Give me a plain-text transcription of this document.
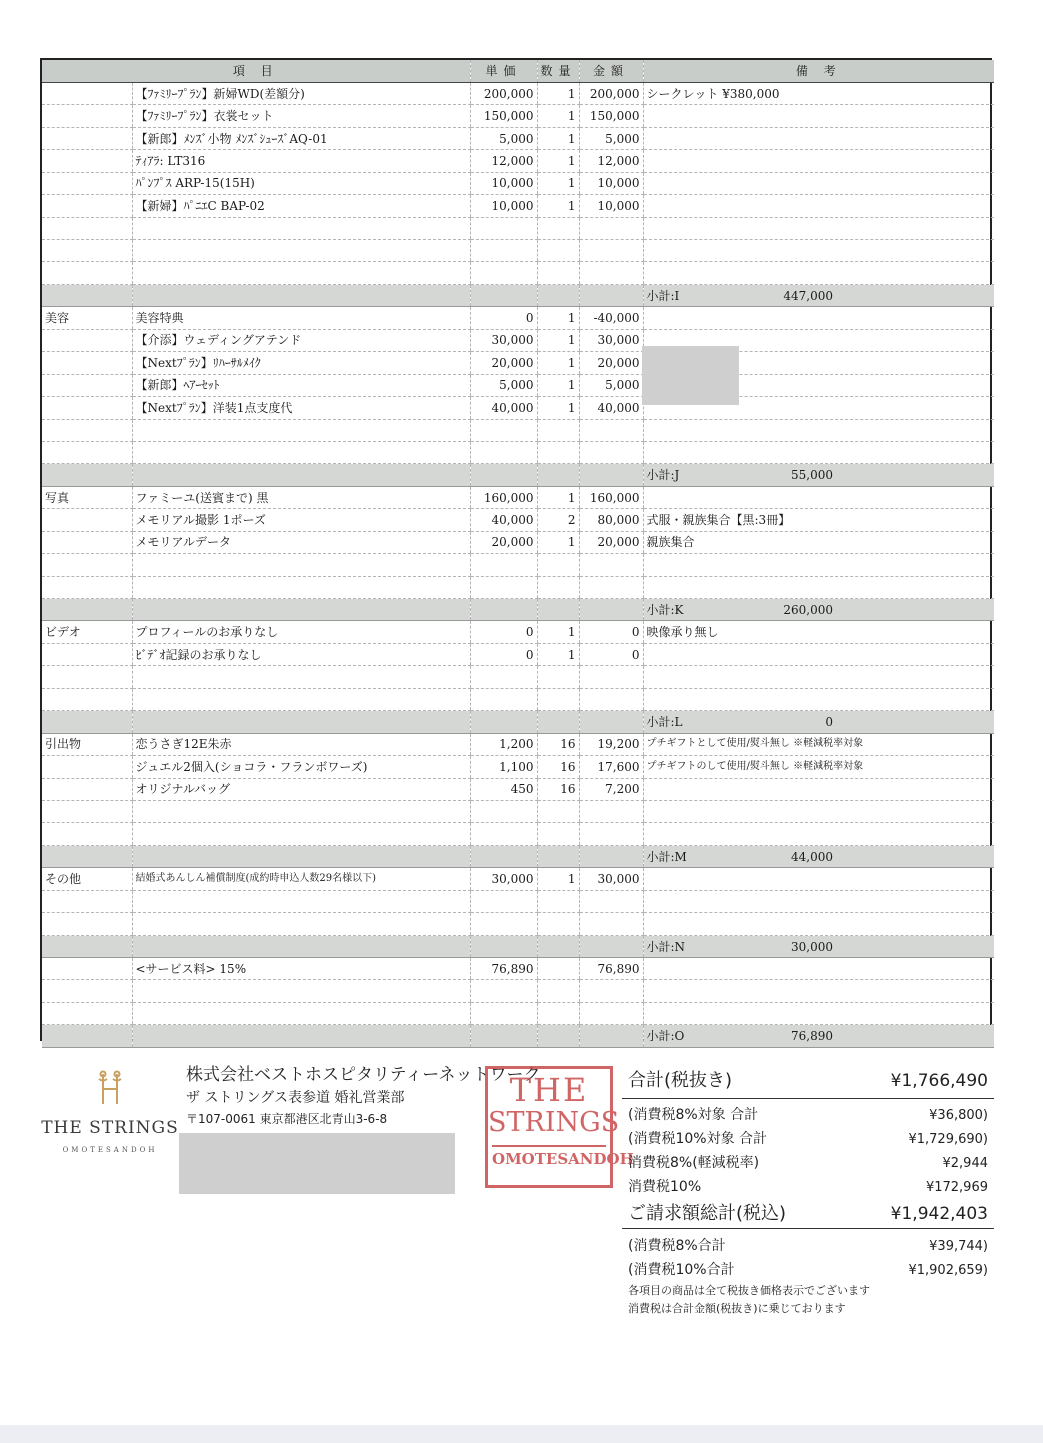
項 目		単価	数量	金額	備 考
	【ﾌｧﾐﾘｰﾌﾟﾗﾝ】新婦WD(差額分)	200,000	1	200,000	シークレット ¥380,000
	【ﾌｧﾐﾘｰﾌﾟﾗﾝ】衣裳セット	150,000	1	150,000	
	【新郎】ﾒﾝｽﾞ小物 ﾒﾝｽﾞｼｭｰｽﾞAQ-01	5,000	1	5,000	
	ﾃｨｱﾗ: LT316	12,000	1	12,000	
	ﾊﾟﾝﾌﾟｽ ARP-15(15H)	10,000	1	10,000	
	【新婦】ﾊﾟﾆｴC BAP-02	10,000	1	10,000	

					小計:I 447,000

美容	美容特典	0	1	-40,000	
	【介添】ウェディングアテンド	30,000	1	30,000	
	【Nextﾌﾟﾗﾝ】ﾘﾊｰｻﾙﾒｲｸ	20,000	1	20,000	
	【新郎】ﾍｱｰｾｯﾄ	5,000	1	5,000	
	【Nextﾌﾟﾗﾝ】洋装1点支度代	40,000	1	40,000	

					小計:J 55,000

写真	ファミーユ(送賓まで) 黒	160,000	1	160,000	
	メモリアル撮影 1ポーズ	40,000	2	80,000	式服・親族集合【黒:3冊】
	メモリアルデータ	20,000	1	20,000	親族集合

					小計:K 260,000

ビデオ	プロフィールのお承りなし	0	1	0	映像承り無し
	ﾋﾞﾃﾞｵ記録のお承りなし	0	1	0	

					小計:L 0

引出物	恋うさぎ12E朱赤	1,200	16	19,200	プチギフトとして使用/熨斗無し ※軽減税率対象
	ジュエル2個入(ショコラ・フランボワーズ)	1,100	16	17,600	プチギフトのして使用/熨斗無し ※軽減税率対象
	オリジナルバッグ	450	16	7,200	

					小計:M 44,000

その他	結婚式あんしん補償制度(成約時申込人数29名様以下)	30,000	1	30,000	

					小計:N 30,000

	<サービス料> 15%	76,890		76,890	

					小計:O 76,890
THE STRINGS
OMOTESANDOH
株式会社ベストホスピタリティーネットワーク
ザ ストリングス表参道 婚礼営業部
〒107-0061 東京都港区北青山3-6-8
THE
STRINGS
OMOTESANDOH
合計(税抜き)	¥1,766,490
(消費税8%対象 合計	¥36,800)
(消費税10%対象 合計	¥1,729,690)
消費税8%(軽減税率)	¥2,944
消費税10%	¥172,969
ご請求額総計(税込)	¥1,942,403
(消費税8%合計	¥39,744)
(消費税10%合計	¥1,902,659)
各項目の商品は全て税抜き価格表示でございます
消費税は合計金額(税抜き)に乗じております
